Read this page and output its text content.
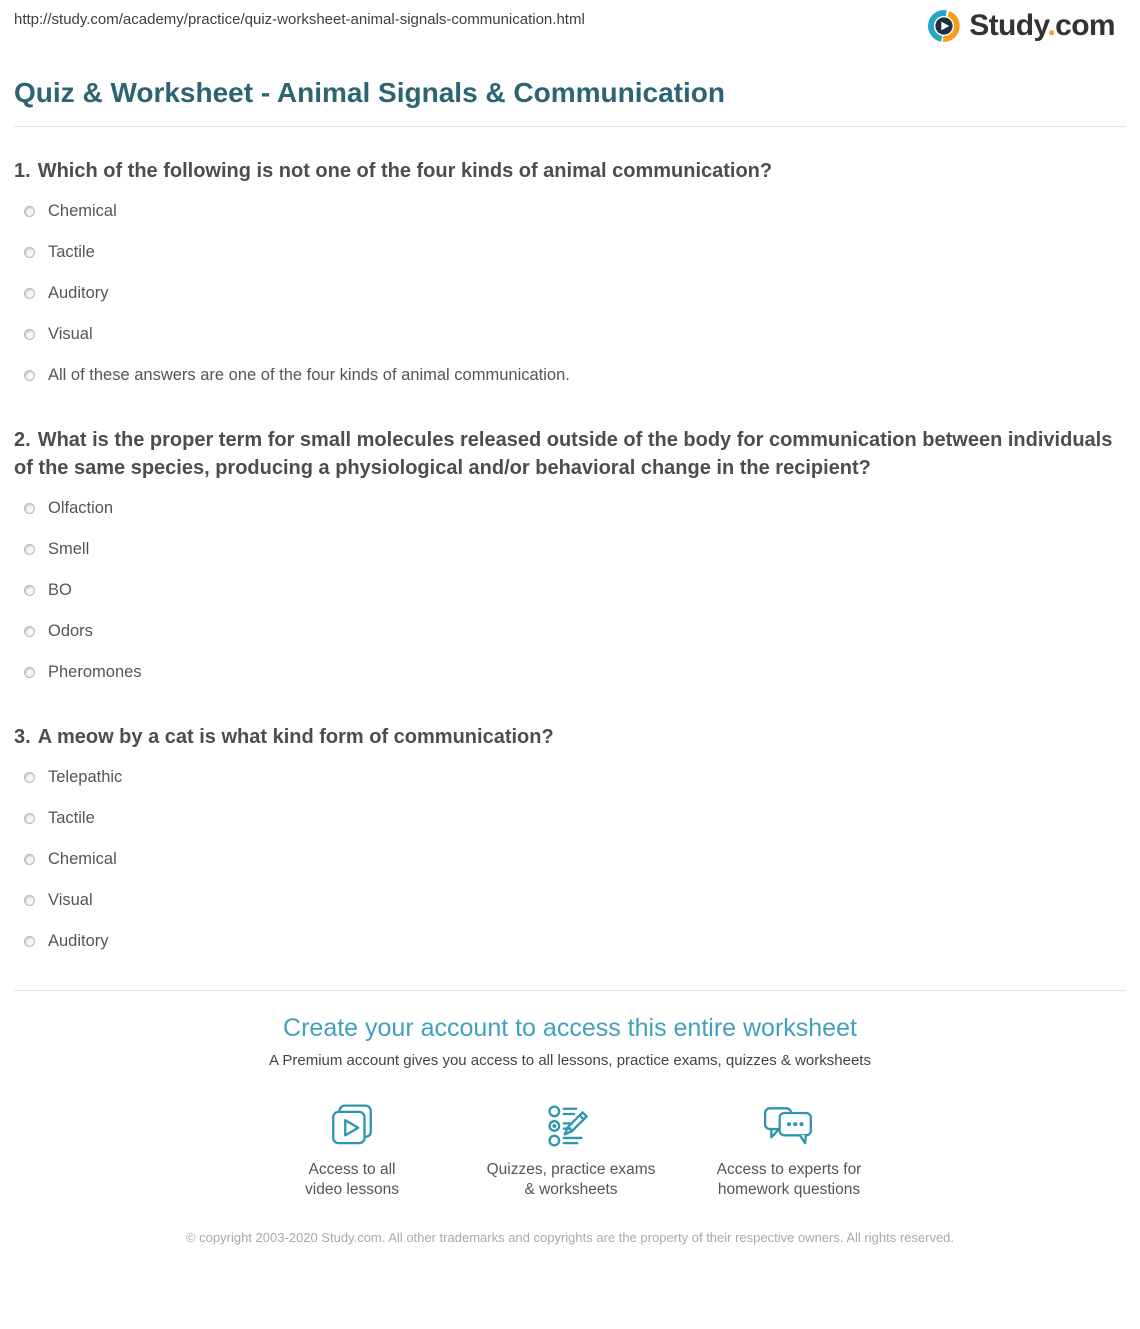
http://study.com/academy/practice/quiz-worksheet-animal-signals-communication.html	Study.com
Quiz & Worksheet - Animal Signals & Communication
1. Which of the following is not one of the four kinds of animal communication?
Chemical
Tactile
Auditory
Visual
All of these answers are one of the four kinds of animal communication.
2. What is the proper term for small molecules released outside of the body for communication between individuals of the same species, producing a physiological and/or behavioral change in the recipient?
Olfaction
Smell
BO
Odors
Pheromones
3. A meow by a cat is what kind form of communication?
Telepathic
Tactile
Chemical
Visual
Auditory
Create your account to access this entire worksheet
A Premium account gives you access to all lessons, practice exams, quizzes & worksheets
Access to all
video lessons
Quizzes, practice exams
& worksheets
Access to experts for
homework questions
© copyright 2003-2020 Study.com. All other trademarks and copyrights are the property of their respective owners. All rights reserved.
